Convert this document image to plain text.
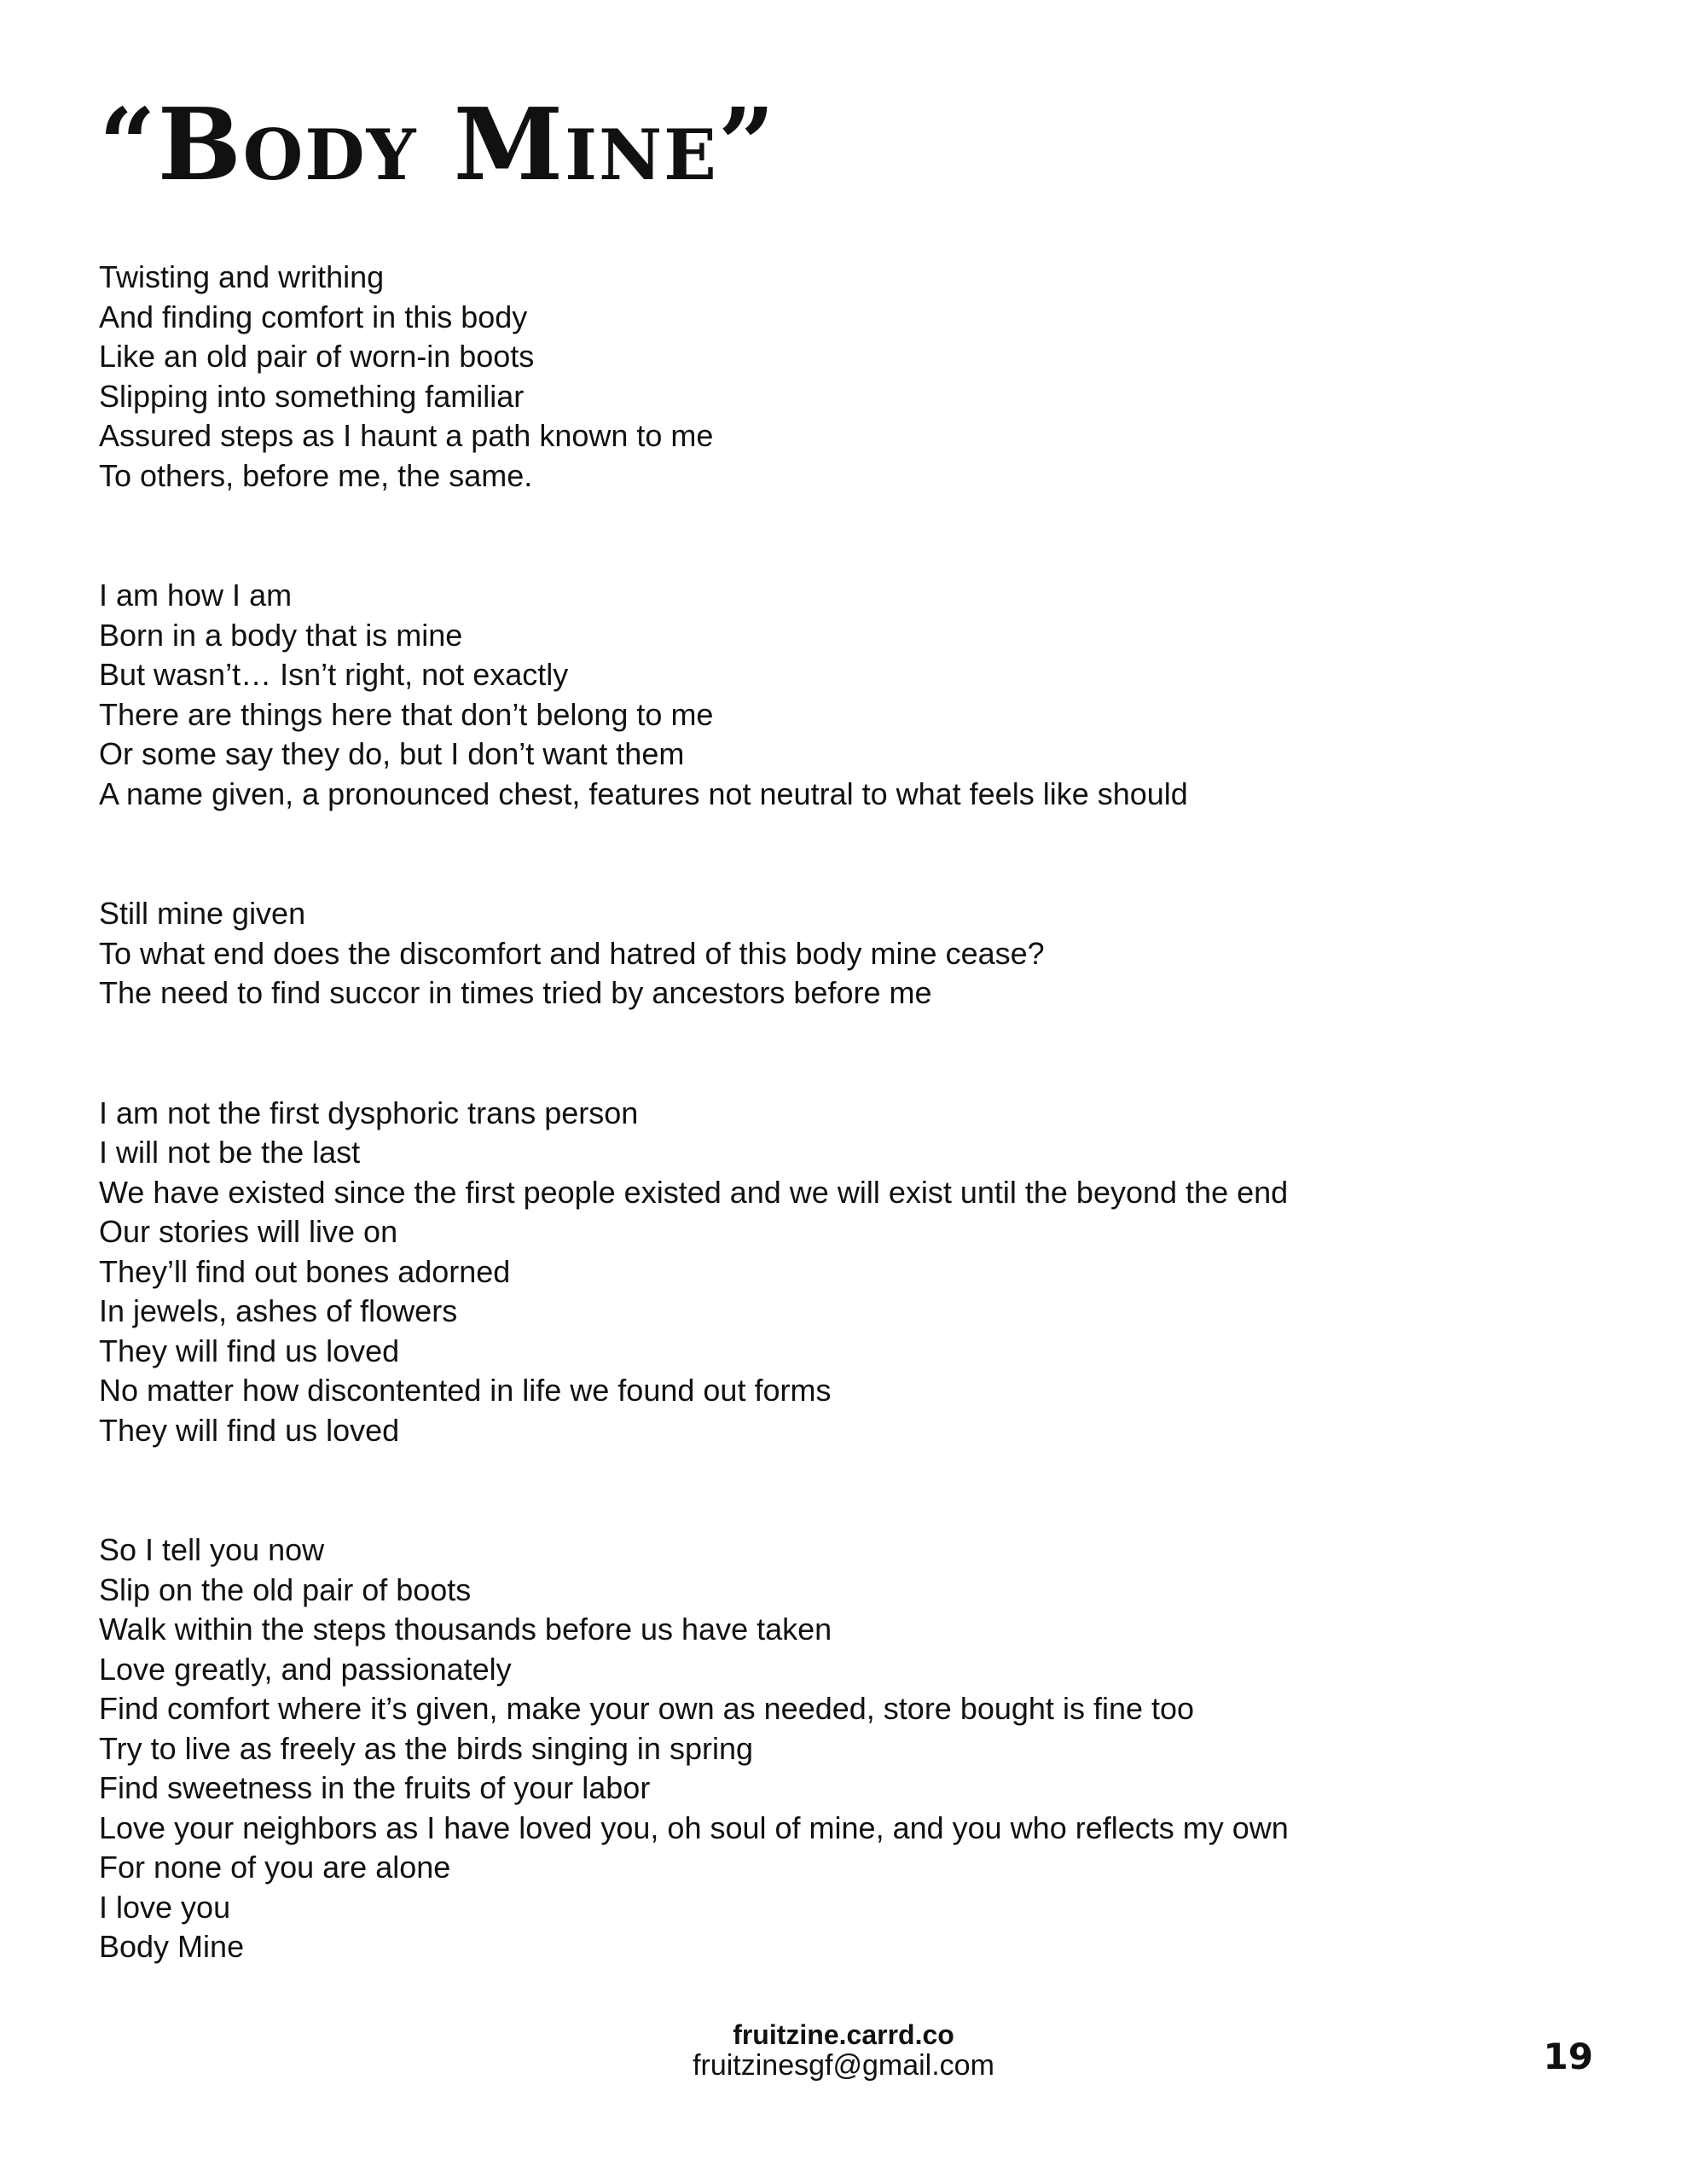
“Body Mine”
Twisting and writhing
And finding comfort in this body
Like an old pair of worn-in boots
Slipping into something familiar
Assured steps as I haunt a path known to me
To others, before me, the same.
I am how I am
Born in a body that is mine
But wasn’t… Isn’t right, not exactly
There are things here that don’t belong to me
Or some say they do, but I don’t want them
A name given, a pronounced chest, features not neutral to what feels like should
Still mine given
To what end does the discomfort and hatred of this body mine cease?
The need to find succor in times tried by ancestors before me
I am not the first dysphoric trans person
I will not be the last
We have existed since the first people existed and we will exist until the beyond the end
Our stories will live on
They’ll find out bones adorned
In jewels, ashes of flowers
They will find us loved
No matter how discontented in life we found out forms
They will find us loved
So I tell you now
Slip on the old pair of boots
Walk within the steps thousands before us have taken
Love greatly, and passionately
Find comfort where it’s given, make your own as needed, store bought is fine too
Try to live as freely as the birds singing in spring
Find sweetness in the fruits of your labor
Love your neighbors as I have loved you, oh soul of mine, and you who reflects my own
For none of you are alone
I love you
Body Mine
fruitzine.carrd.co
fruitzinesgf@gmail.com	19
